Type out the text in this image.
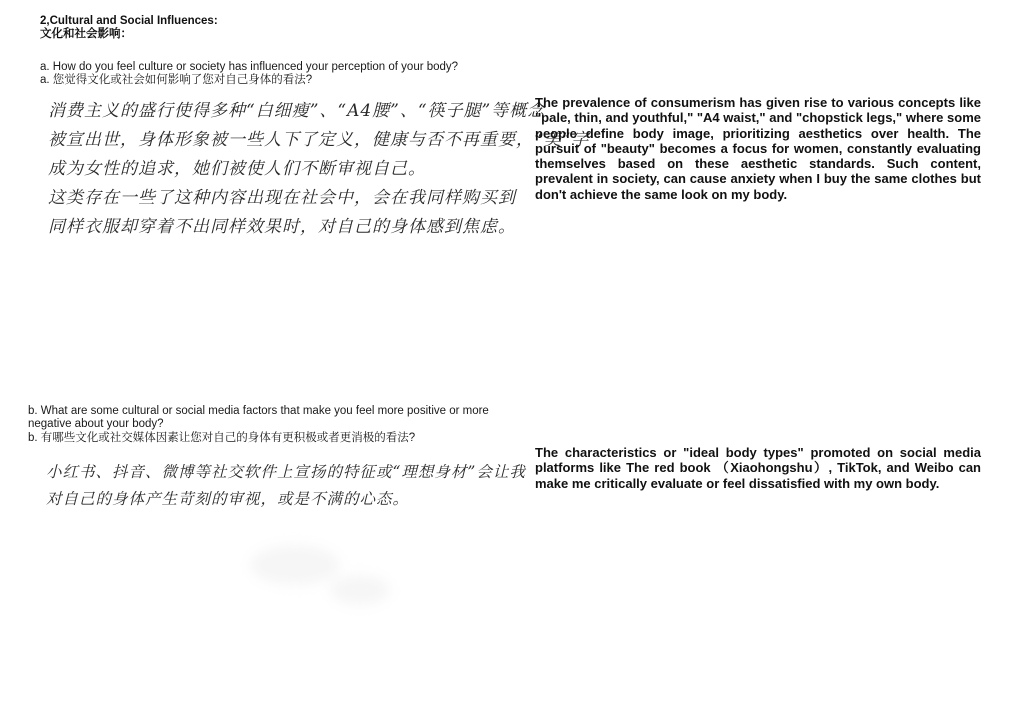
2,Cultural and Social Influences:
文化和社会影响：
a. How do you feel culture or society has influenced your perception of your body?
a. 您觉得文化或社会如何影响了您对自己身体的看法?
消费主义的盛行使得多种“白细瘦”、“A4腰”、“筷子腿”等概念
被宣出世，身体形象被一些人下了定义，健康与否不再重要，“美”字
成为女性的追求，她们被使人们不断审视自己。
这类存在一些了这种内容出现在社会中，会在我同样购买到
同样衣服却穿着不出同样效果时，对自己的身体感到焦虑。

The prevalence of consumerism has given rise to various concepts like "pale, thin, and youthful," "A4 waist," and "chopstick legs," where some people define body image, prioritizing aesthetics over health. The pursuit of "beauty" becomes a focus for women, constantly evaluating themselves based on these aesthetic standards. Such content, prevalent in society, can cause anxiety when I buy the same clothes but don't achieve the same look on my body.

b. What are some cultural or social media factors that make you feel more positive or more
negative about your body?
b. 有哪些文化或社交媒体因素让您对自己的身体有更积极或者更消极的看法?
小红书、抖音、微博等社交软件上宣扬的特征或“理想身材”会让我
对自己的身体产生苛刻的审视，或是不满的心态。

The characteristics or "ideal body types" promoted on social media platforms like The red book （Xiaohongshu）, TikTok, and Weibo can make me critically evaluate or feel dissatisfied with my own body.
